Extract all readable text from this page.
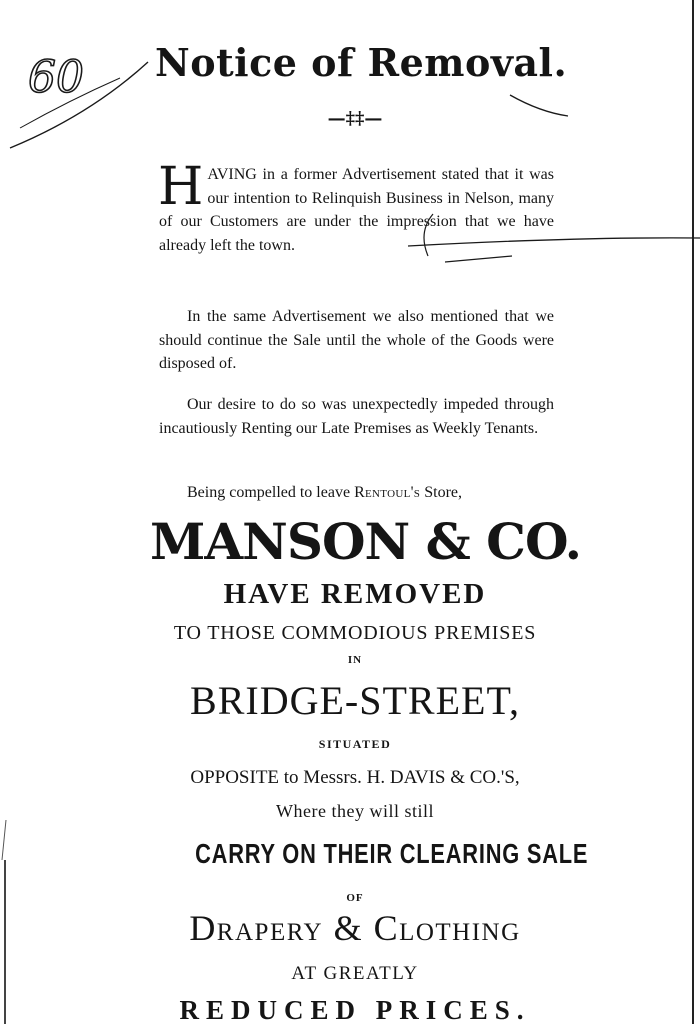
Notice of Removal.
—‡‡—

HAVING in a former Advertisement stated that it was our intention to Relinquish Business in Nelson, many of our Customers are under the impression that we have already left the town.

In the same Advertisement we also mentioned that we should continue the Sale until the whole of the Goods were disposed of.

Our desire to do so was unexpectedly impeded through incautiously Renting our Late Premises as Weekly Tenants.

Being compelled to leave Rentoul's Store,

MANSON & CO.
HAVE REMOVED
TO THOSE COMMODIOUS PREMISES
IN
BRIDGE-STREET,
SITUATED
OPPOSITE to Messrs. H. DAVIS & CO.'S,
Where they will still
CARRY ON THEIR CLEARING SALE
OF
Drapery & Clothing
AT GREATLY
REDUCED PRICES.
60
